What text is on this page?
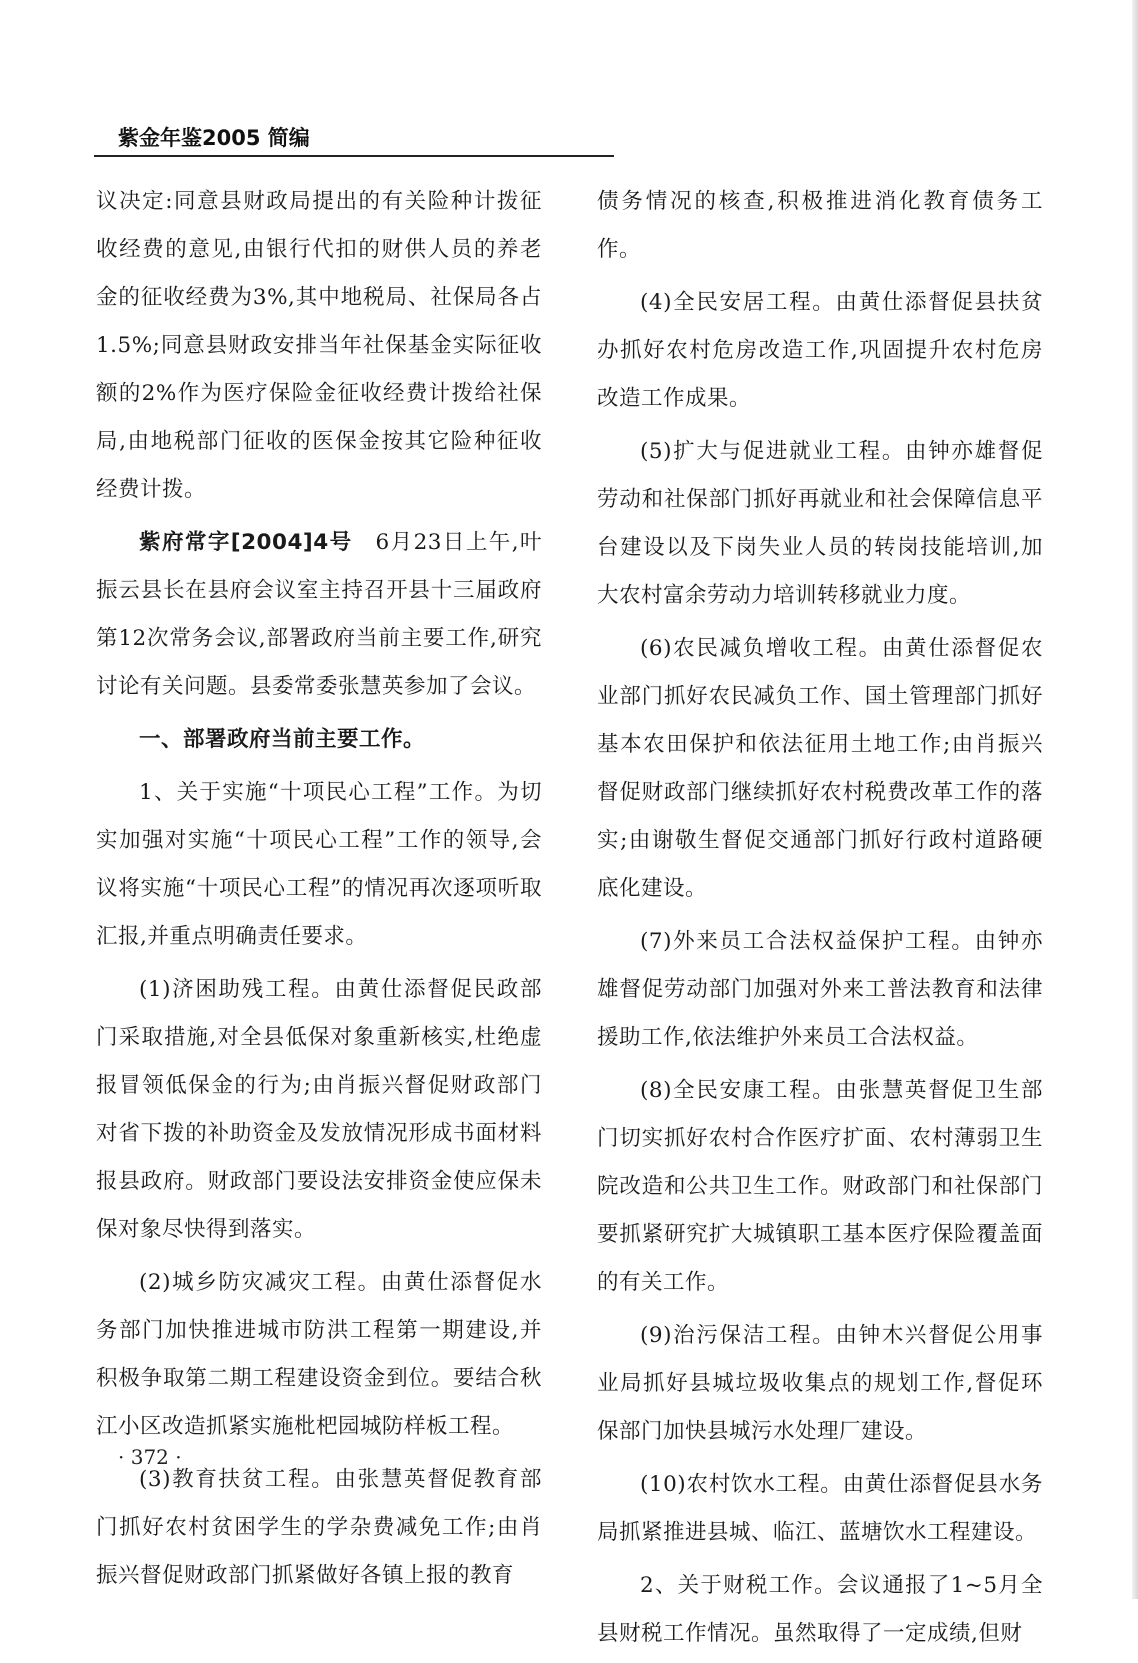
紫金年鉴2005 简编

议决定:同意县财政局提出的有关险种计拨征收经费的意见,由银行代扣的财供人员的养老金的征收经费为3%,其中地税局、社保局各占1.5%;同意县财政安排当年社保基金实际征收额的2%作为医疗保险金征收经费计拨给社保局,由地税部门征收的医保金按其它险种征收经费计拨。

紫府常字[2004]4号　6月23日上午,叶振云县长在县府会议室主持召开县十三届政府第12次常务会议,部署政府当前主要工作,研究讨论有关问题。县委常委张慧英参加了会议。

一、部署政府当前主要工作。

1、关于实施“十项民心工程”工作。为切实加强对实施“十项民心工程”工作的领导,会议将实施“十项民心工程”的情况再次逐项听取汇报,并重点明确责任要求。

(1)济困助残工程。由黄仕添督促民政部门采取措施,对全县低保对象重新核实,杜绝虚报冒领低保金的行为;由肖振兴督促财政部门对省下拨的补助资金及发放情况形成书面材料报县政府。财政部门要设法安排资金使应保未保对象尽快得到落实。

(2)城乡防灾减灾工程。由黄仕添督促水务部门加快推进城市防洪工程第一期建设,并积极争取第二期工程建设资金到位。要结合秋江小区改造抓紧实施枇杷园城防样板工程。

(3)教育扶贫工程。由张慧英督促教育部门抓好农村贫困学生的学杂费减免工作;由肖振兴督促财政部门抓紧做好各镇上报的教育

债务情况的核查,积极推进消化教育债务工作。

(4)全民安居工程。由黄仕添督促县扶贫办抓好农村危房改造工作,巩固提升农村危房改造工作成果。

(5)扩大与促进就业工程。由钟亦雄督促劳动和社保部门抓好再就业和社会保障信息平台建设以及下岗失业人员的转岗技能培训,加大农村富余劳动力培训转移就业力度。

(6)农民减负增收工程。由黄仕添督促农业部门抓好农民减负工作、国土管理部门抓好基本农田保护和依法征用土地工作;由肖振兴督促财政部门继续抓好农村税费改革工作的落实;由谢敬生督促交通部门抓好行政村道路硬底化建设。

(7)外来员工合法权益保护工程。由钟亦雄督促劳动部门加强对外来工普法教育和法律援助工作,依法维护外来员工合法权益。

(8)全民安康工程。由张慧英督促卫生部门切实抓好农村合作医疗扩面、农村薄弱卫生院改造和公共卫生工作。财政部门和社保部门要抓紧研究扩大城镇职工基本医疗保险覆盖面的有关工作。

(9)治污保洁工程。由钟木兴督促公用事业局抓好县城垃圾收集点的规划工作,督促环保部门加快县城污水处理厂建设。

(10)农村饮水工程。由黄仕添督促县水务局抓紧推进县城、临江、蓝塘饮水工程建设。

2、关于财税工作。会议通报了1~5月全县财税工作情况。虽然取得了一定成绩,但财

· 372 ·
